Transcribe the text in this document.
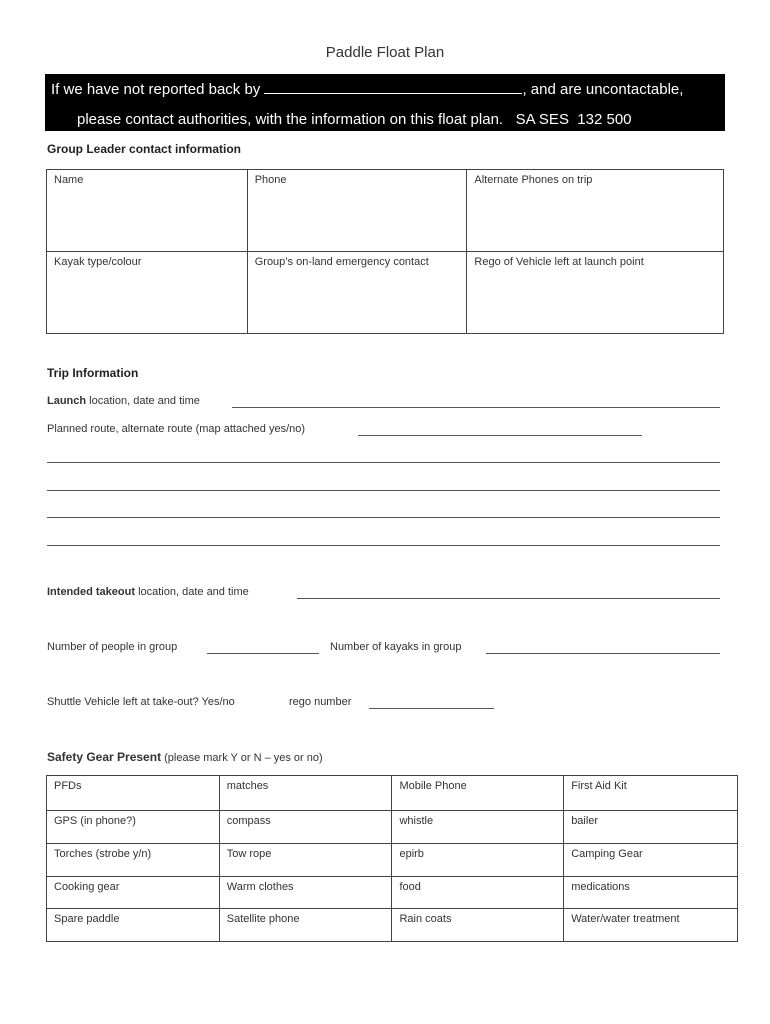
Paddle Float Plan
If we have not reported back by	, and are uncontactable,
please contact authorities, with the information on this float plan.   SA SES  132 500
Group Leader contact information
Name	Phone	Alternate Phones on trip
Kayak type/colour	Group’s on-land emergency contact	Rego of Vehicle left at launch point
Trip Information
Launch location, date and time
Planned route, alternate route (map attached yes/no)
Intended takeout location, date and time
Number of people in group	Number of kayaks in group
Shuttle Vehicle left at take-out? Yes/no	rego number
Safety Gear Present (please mark Y or N – yes or no)
PFDs	matches	Mobile Phone	First Aid Kit
GPS (in phone?)	compass	whistle	bailer
Torches (strobe y/n)	Tow rope	epirb	Camping Gear
Cooking gear	Warm clothes	food	medications
Spare paddle	Satellite phone	Rain coats	Water/water treatment
